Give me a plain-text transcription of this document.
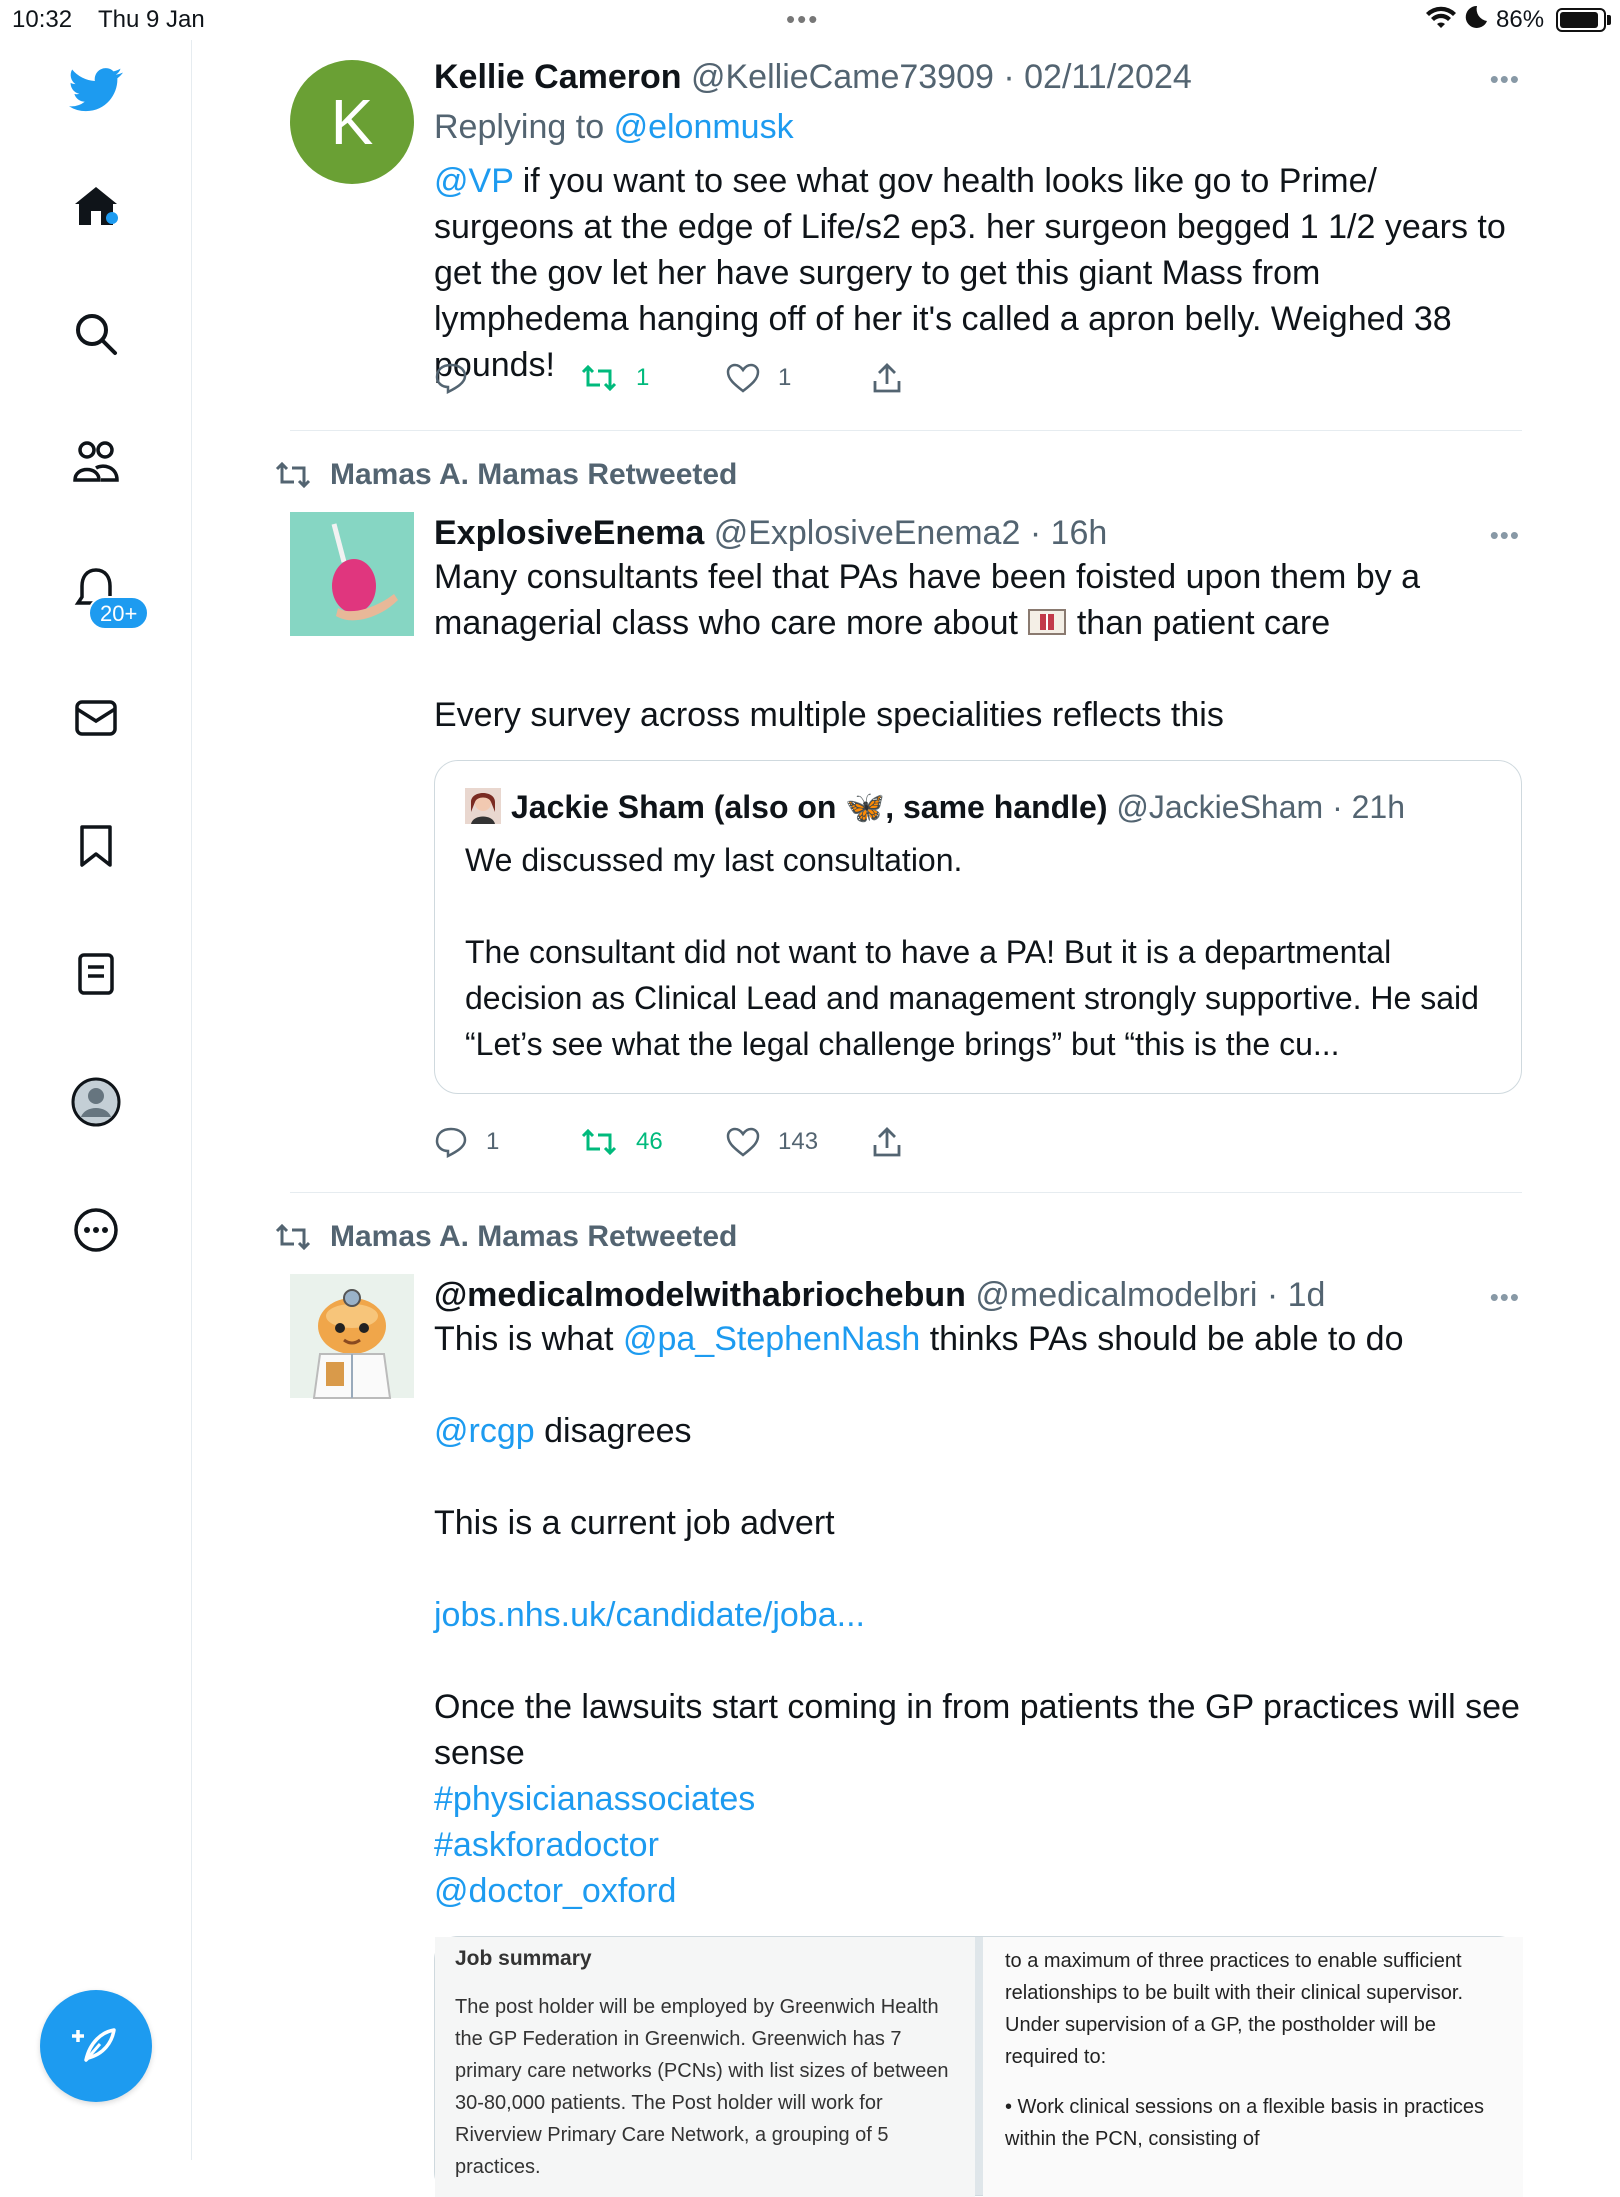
10:32 Thu 9 Jan	•••	86%
20+
K
Kellie Cameron @KellieCame73909 · 02/11/2024	•••
Replying to @elonmusk
@VP if you want to see what gov health looks like go to Prime/ surgeons at the edge of Life/s2 ep3. her surgeon begged 1 1/2 years to get the gov let her have surgery to get this giant Mass from lymphedema hanging off of her it's called a apron belly. Weighed 38 pounds!	1	1
Mamas A. Mamas Retweeted
ExplosiveEnema @ExplosiveEnema2 · 16h	•••
Many consultants feel that PAs have been foisted upon them by a managerial class who care more about  than patient care
Every survey across multiple specialities reflects this
Jackie Sham (also on 🦋, same handle) @JackieSham · 21h
We discussed my last consultation.
The consultant did not want to have a PA! But it is a departmental decision as Clinical Lead and management strongly supportive. He said “Let’s see what the legal challenge brings” but “this is the cu...
1	46	143
Mamas A. Mamas Retweeted
@medicalmodelwithabriochebun @medicalmodelbri · 1d	•••
This is what @pa_StephenNash thinks PAs should be able to do
@rcgp disagrees
This is a current job advert
jobs.nhs.uk/candidate/joba...
Once the lawsuits start coming in from patients the GP practices will see sense
#physicianassociates
#askforadoctor
@doctor_oxford
Job summary
The post holder will be employed by Greenwich Health the GP Federation in Greenwich. Greenwich has 7 primary care networks (PCNs) with list sizes of between 30-80,000 patients. The Post holder will work for Riverview Primary Care Network, a grouping of 5 practices.
to a maximum of three practices to enable sufficient relationships to be built with their clinical supervisor. Under supervision of a GP, the postholder will be required to:
• Work clinical sessions on a flexible basis in practices within the PCN, consisting of
